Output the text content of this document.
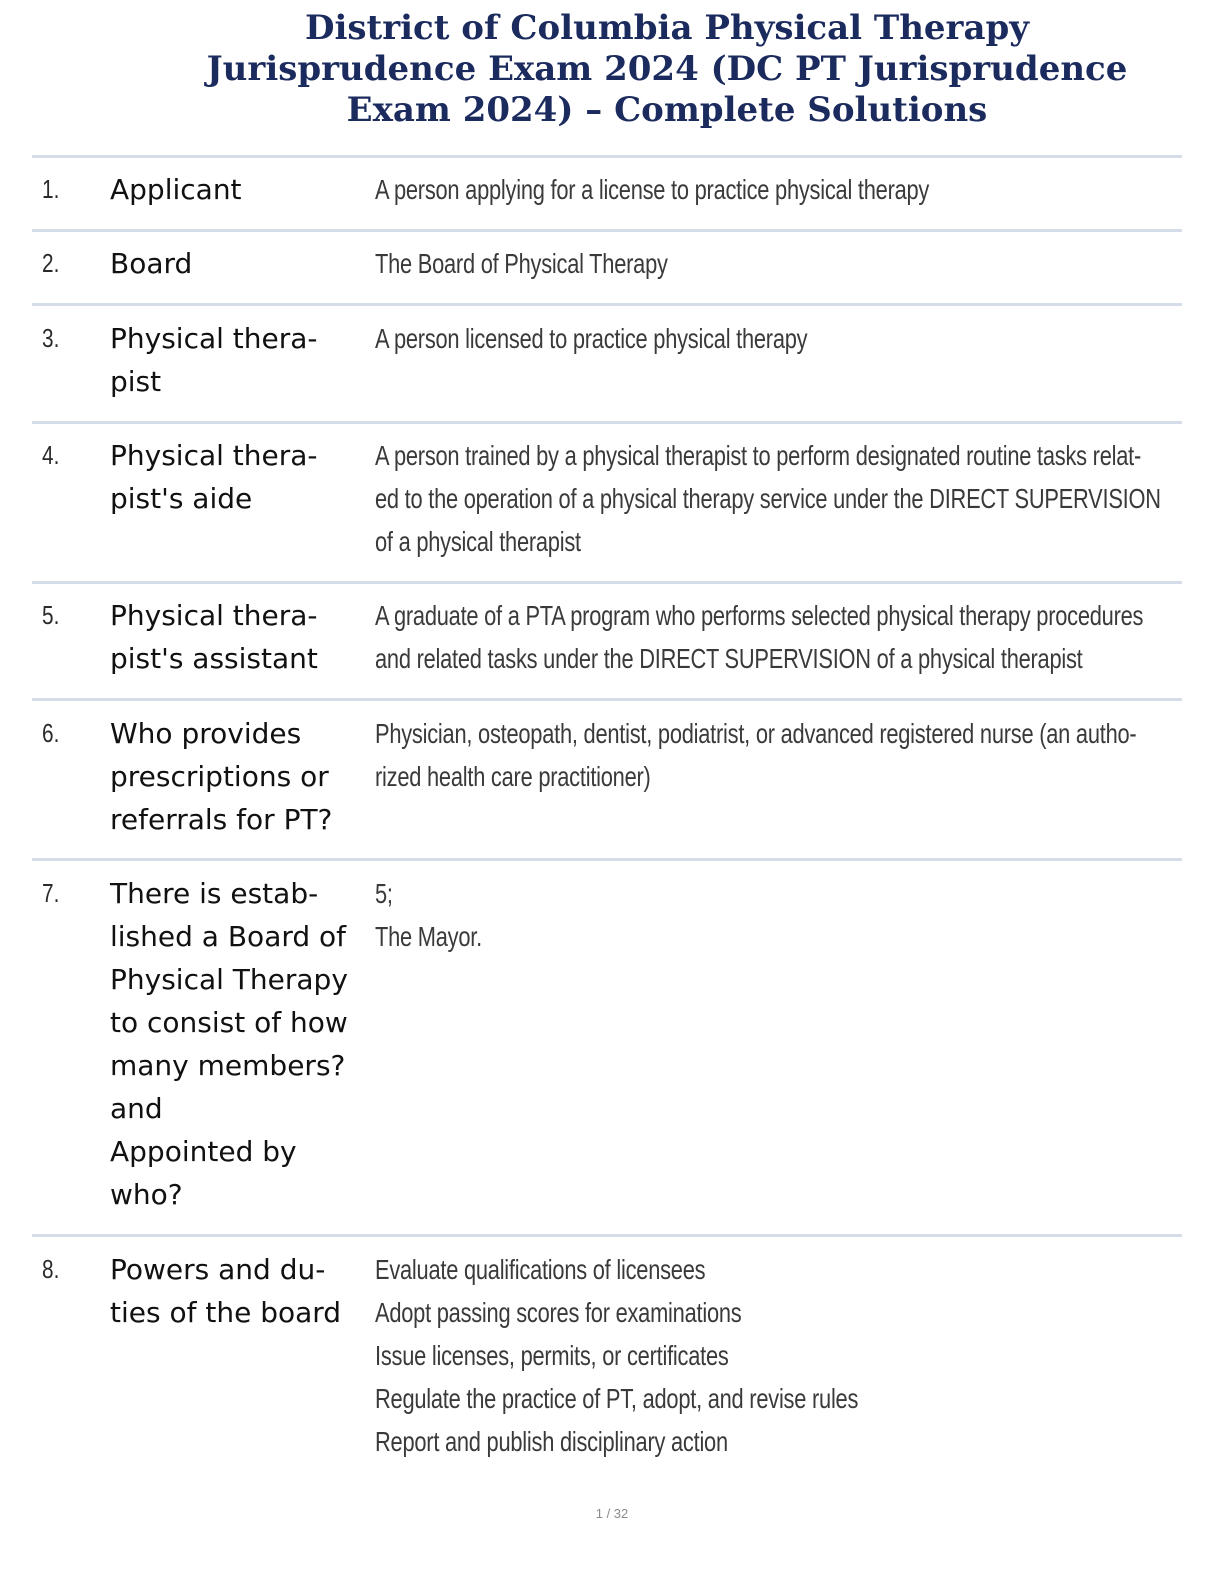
District of Columbia Physical Therapy
Jurisprudence Exam 2024 (DC PT Jurisprudence
Exam 2024) – Complete Solutions
1. Applicant	A person applying for a license to practice physical therapy
2. Board	The Board of Physical Therapy
3. Physical thera-
pist
A person licensed to practice physical therapy
4. Physical thera-
pist's aide
A person trained by a physical therapist to perform designated routine tasks relat-
ed to the operation of a physical therapy service under the DIRECT SUPERVISION
of a physical therapist
5. Physical thera-
pist's assistant
A graduate of a PTA program who performs selected physical therapy procedures
and related tasks under the DIRECT SUPERVISION of a physical therapist
6. Who provides
prescriptions or
referrals for PT?
Physician, osteopath, dentist, podiatrist, or advanced registered nurse (an autho-
rized health care practitioner)
7. There is estab-
lished a Board of
Physical Therapy
to consist of how
many members?
and
Appointed by
who?
5;
The Mayor.
8. Powers and du-
ties of the board
Evaluate qualifications of licensees
Adopt passing scores for examinations
Issue licenses, permits, or certificates
Regulate the practice of PT, adopt, and revise rules
Report and publish disciplinary action
1 / 32
